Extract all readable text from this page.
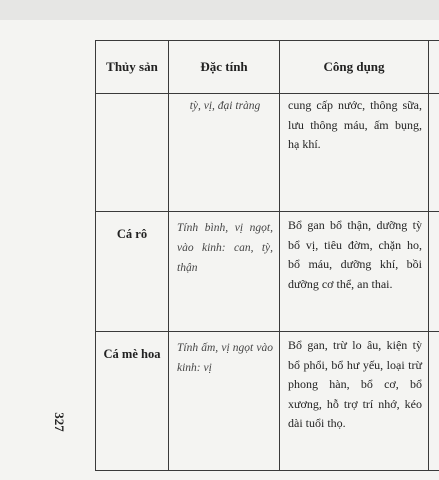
Thủy sản	Đặc tính	Công dụng	
	tỳ, vị, đại tràng	cung cấp nước, thông sữa, lưu thông máu, ấm bụng, hạ khí.	
Cá rô	Tính bình, vị ngọt, vào kinh: can, tỳ, thận	Bổ gan bổ thận, dưỡng tỳ bổ vị, tiêu đờm, chặn ho, bổ máu, dưỡng khí, bồi dưỡng cơ thể, an thai.	
Cá mè hoa	Tính ấm, vị ngọt vào kinh: vị	Bổ gan, trừ lo âu, kiện tỳ bổ phổi, bổ hư yếu, loại trừ phong hàn, bổ cơ, bổ xương, hỗ trợ trí nhớ, kéo dài tuổi thọ.	
327
